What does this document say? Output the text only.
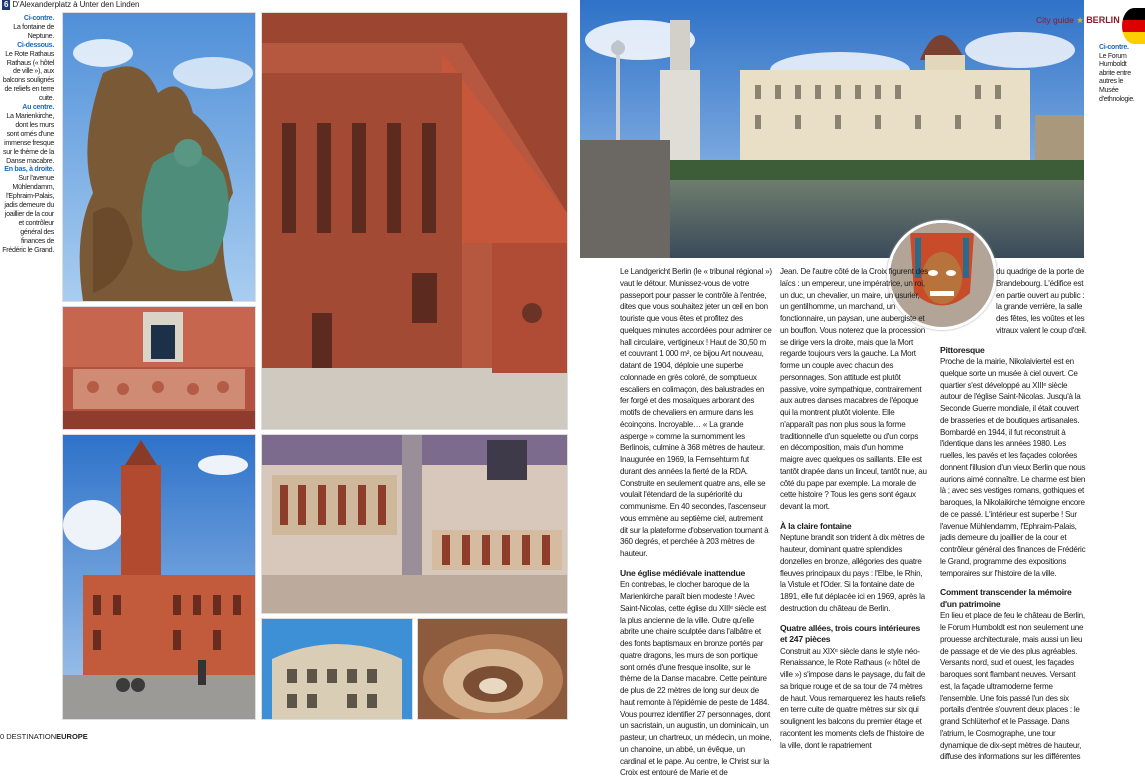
6 D'Alexanderplatz à Unter den Linden

Ci-contre.
La fontaine de Neptune.

Ci-dessous.
Le Rote Rathaus Rathaus (« hôtel de ville »), aux balcons soulignés de reliefs en terre cuite.

Au centre.
La Marienkirche, dont les murs sont ornés d'une immense fresque sur le thème de la Danse macabre.

En bas, à droite.
Sur l'avenue Mühlendamm, l'Ephraim-Palais, jadis demeure du joaillier de la cour et contrôleur général des finances de Frédéric le Grand.

City guide ★ BERLIN
Ci-contre.
Le Forum Humboldt abrite entre autres le Musée d'ethnologie.

Le Landgericht Berlin (le « tribunal régional ») vaut le détour. Munissez-vous de votre passeport pour passer le contrôle à l'entrée, dites que vous souhaitez jeter un œil en bon touriste que vous êtes et profitez des quelques minutes accordées pour admirer ce hall circulaire, vertigineux ! Haut de 30,50 m et couvrant 1 000 m², ce bijou Art nouveau, datant de 1904, déploie une superbe colonnade en grès coloré, de somptueux escaliers en colimaçon, des balustrades en fer forgé et des mosaïques arborant des motifs de chevaliers en armure dans les écoinçons. Incroyable… « La grande asperge » comme la surnomment les Berlinois, culmine à 368 mètres de hauteur. Inaugurée en 1969, la Fernsehturm fut durant des années la fierté de la RDA. Construite en seulement quatre ans, elle se voulait l'étendard de la supériorité du communisme. En 40 secondes, l'ascenseur vous emmène au septième ciel, autrement dit sur la plateforme d'observation tournant à 360 degrés, et perchée à 203 mètres de hauteur.

Une église médiévale inattendue

En contrebas, le clocher baroque de la Marienkirche paraît bien modeste ! Avec Saint-Nicolas, cette église du XIIIᵉ siècle est la plus ancienne de la ville. Outre qu'elle abrite une chaire sculptée dans l'albâtre et des fonts baptismaux en bronze portés par quatre dragons, les murs de son portique sont ornés d'une fresque insolite, sur le thème de la Danse macabre. Cette peinture de plus de 22 mètres de long sur deux de haut remonte à l'épidémie de peste de 1484. Vous pourrez identifier 27 personnages, dont un sacristain, un augustin, un dominicain, un pasteur, un chartreux, un médecin, un moine, un chanoine, un abbé, un évêque, un cardinal et le pape. Au centre, le Christ sur la Croix est entouré de Marie et de

Jean. De l'autre côté de la Croix figurent des laïcs : un empereur, une impératrice, un roi, un duc, un chevalier, un maire, un usurier, un gentilhomme, un marchand, un fonctionnaire, un paysan, une aubergiste et un bouffon. Vous noterez que la procession se dirige vers la droite, mais que la Mort regarde toujours vers la gauche. La Mort forme un couple avec chacun des personnages. Son attitude est plutôt passive, voire sympathique, contrairement aux autres danses macabres de l'époque qui la montrent plutôt violente. Elle n'apparaît pas non plus sous la forme traditionnelle d'un squelette ou d'un corps en décomposition, mais d'un homme maigre avec quelques os saillants. Elle est tantôt drapée dans un linceul, tantôt nue, au côté du pape par exemple. La morale de cette histoire ? Tous les gens sont égaux devant la mort.

À la claire fontaine

Neptune brandit son trident à dix mètres de hauteur, dominant quatre splendides donzelles en bronze, allégories des quatre fleuves principaux du pays : l'Elbe, le Rhin, la Vistule et l'Oder. Si la fontaine date de 1891, elle fut déplacée ici en 1969, après la destruction du château de Berlin.

Quatre allées, trois cours intérieures et 247 pièces

Construit au XIXᵉ siècle dans le style néo-Renaissance, le Rote Rathaus (« hôtel de ville ») s'impose dans le paysage, du fait de sa brique rouge et de sa tour de 74 mètres de haut. Vous remarquerez les hauts reliefs en terre cuite de quatre mètres sur six qui soulignent les balcons du premier étage et racontent les moments clefs de l'histoire de la ville, dont le rapatriement

du quadrige de la porte de Brandebourg. L'édifice est en partie ouvert au public : la grande verrière, la salle des fêtes, les voûtes et les vitraux valent le coup d'œil.

Pittoresque

Proche de la mairie, Nikolaiviertel est en quelque sorte un musée à ciel ouvert. Ce quartier s'est développé au XIIIᵉ siècle autour de l'église Saint-Nicolas. Jusqu'à la Seconde Guerre mondiale, il était couvert de brasseries et de boutiques artisanales. Bombardé en 1944, il fut reconstruit à l'identique dans les années 1980. Les ruelles, les pavés et les façades colorées donnent l'illusion d'un vieux Berlin que nous aurions aimé connaître. Le charme est bien là ; avec ses vestiges romans, gothiques et baroques, la Nikolaikirche témoigne encore de ce passé. L'intérieur est superbe ! Sur l'avenue Mühlendamm, l'Ephraim-Palais, jadis demeure du joaillier de la cour et contrôleur général des finances de Frédéric le Grand, programme des expositions temporaires sur l'histoire de la ville.

Comment transcender la mémoire d'un patrimoine

En lieu et place de feu le château de Berlin, le Forum Humboldt est non seulement une prouesse architecturale, mais aussi un lieu de passage et de vie des plus agréables. Versants nord, sud et ouest, les façades baroques sont flambant neuves. Versant est, la façade ultramoderne ferme l'ensemble. Une fois passé l'un des six portails d'entrée s'ouvrent deux places : le grand Schlüterhof et le Passage. Dans l'atrium, le Cosmographe, une tour dynamique de dix-sept mètres de hauteur, diffuse des informations sur les différentes

0 DESTINATIONEUROPE
